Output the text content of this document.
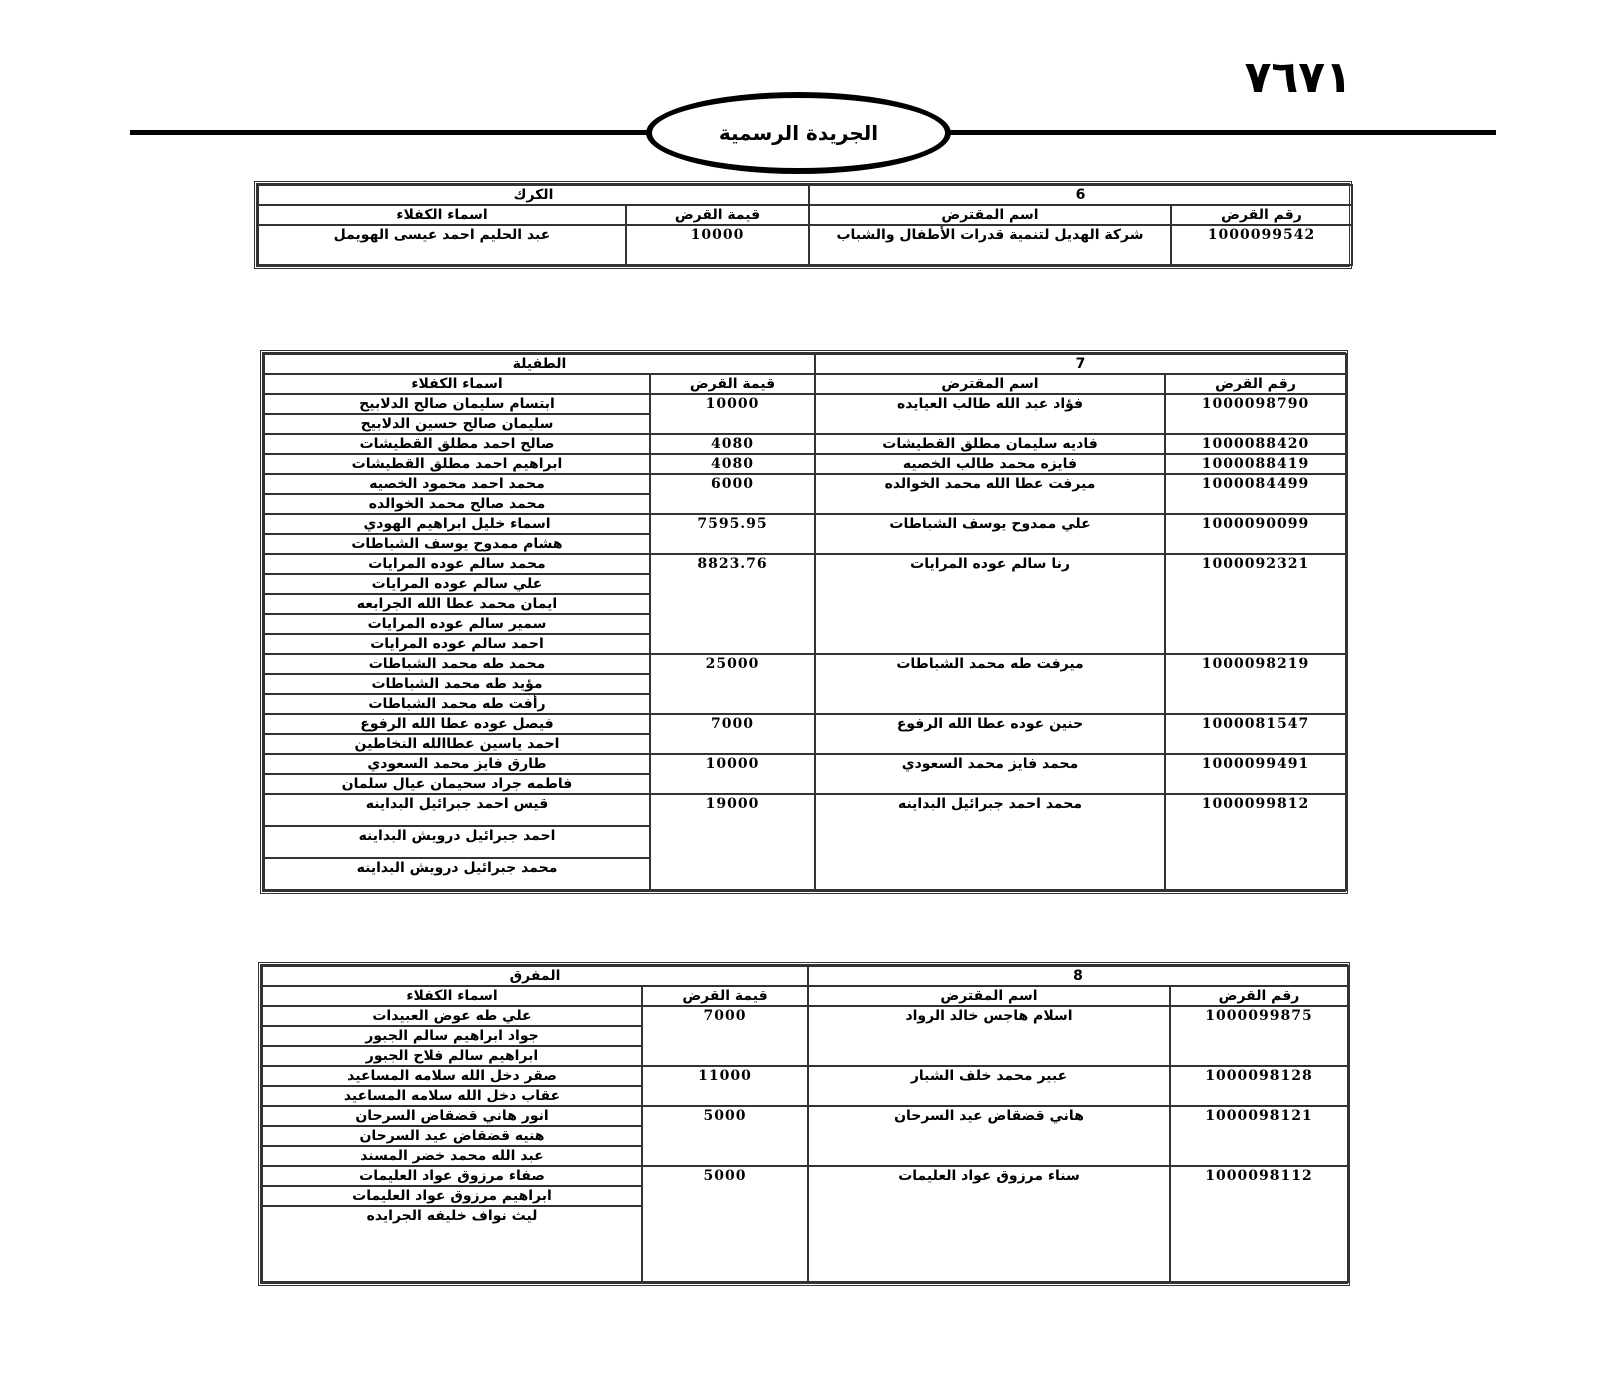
٧٦٧١
الجريدة الرسمية
الكرك		6	
اسماء الكفلاء	قيمة القرض	اسم المقترض	رقم القرض
عبد الحليم احمد عيسى الهويمل	10000	شركة الهديل لتنمية قدرات الأطفال والشباب	1000099542
الطفيلة		7	
اسماء الكفلاء	قيمة القرض	اسم المقترض	رقم القرض
ابتسام سليمان صالح الدلابيح	10000	فؤاد عبد الله طالب العيايده	1000098790
سليمان صالح حسين الدلابيح			
صالح احمد مطلق القطيشات	4080	فاديه سليمان مطلق القطيشات	1000088420
ابراهيم احمد مطلق القطيشات	4080	فايزه محمد طالب الخصيه	1000088419
محمد احمد محمود الخصيه	6000	ميرفت عطا الله محمد الخوالده	1000084499
محمد صالح محمد الخوالده			
اسماء خليل ابراهيم الهودي	7595.95	علي ممدوح يوسف الشباطات	1000090099
هشام ممدوح يوسف الشباطات			
محمد سالم عوده المرايات	8823.76	رنا سالم عوده المرايات	1000092321
علي سالم عوده المرايات			
ايمان محمد عطا الله الجرابعه			
سمير سالم عوده المرايات			
احمد سالم عوده المرايات			
محمد طه محمد الشباطات	25000	ميرفت طه محمد الشباطات	1000098219
مؤيد طه محمد الشباطات			
رأفت طه محمد الشباطات			
فيصل عوده عطا الله الرفوع	7000	حنين عوده عطا الله الرفوع	1000081547
احمد ياسين عطاالله النخاطين			
طارق فايز محمد السعودي	10000	محمد فايز محمد السعودي	1000099491
فاطمه جراد سحيمان عيال سلمان			
قيس احمد جبرائيل البداينه	19000	محمد احمد جبرائيل البداينه	1000099812
احمد جبرائيل درويش البداينه			
محمد جبرائيل درويش البداينه			
المفرق		8	
اسماء الكفلاء	قيمة القرض	اسم المقترض	رقم القرض
علي طه عوض العبيدات	7000	اسلام هاجس خالد الرواد	1000099875
جواد ابراهيم سالم الجبور			
ابراهيم سالم فلاح الجبور			
صقر دخل الله سلامه المساعيد	11000	عبير محمد خلف الشبار	1000098128
عقاب دخل الله سلامه المساعيد			
انور هاني قضقاض السرحان	5000	هاني قضقاض عيد السرحان	1000098121
هنيه قضقاض عيد السرحان			
عبد الله محمد خضر المسند			
صفاء مرزوق عواد العليمات	5000	سناء مرزوق عواد العليمات	1000098112
ابراهيم مرزوق عواد العليمات			
ليث نواف خليفه الجرايده			
